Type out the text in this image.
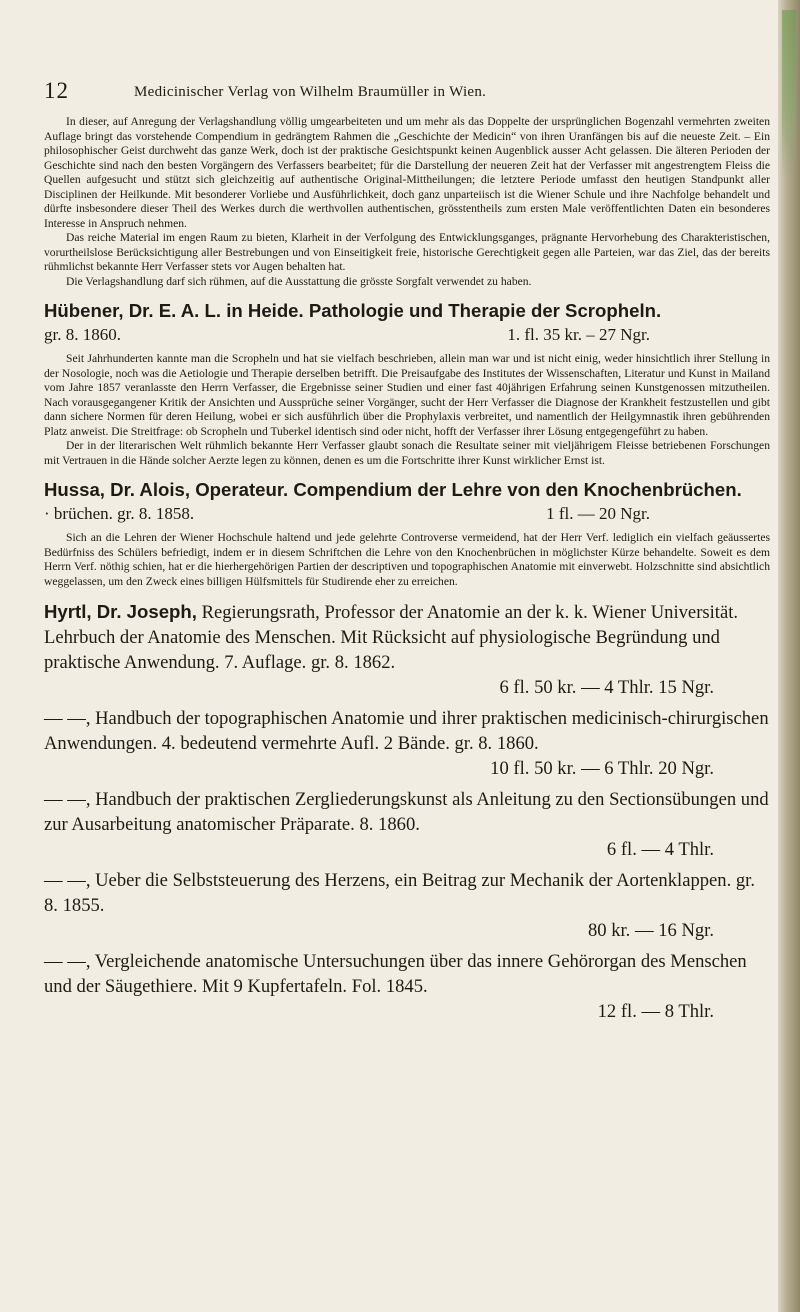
12	Medicinischer Verlag von Wilhelm Braumüller in Wien.

In dieser, auf Anregung der Verlagshandlung völlig umgearbeiteten und um mehr als das Doppelte der ursprünglichen Bogenzahl vermehrten zweiten Auflage bringt das vorstehende Compendium in gedrängtem Rahmen die „Geschichte der Medicin“ von ihren Uranfängen bis auf die neueste Zeit. – Ein philosophischer Geist durchweht das ganze Werk, doch ist der praktische Gesichtspunkt keinen Augenblick ausser Acht gelassen. Die älteren Perioden der Geschichte sind nach den besten Vorgängern des Verfassers bearbeitet; für die Darstellung der neueren Zeit hat der Verfasser mit angestrengtem Fleiss die Quellen aufgesucht und stützt sich gleichzeitig auf authentische Original-Mittheilungen; die letztere Periode umfasst den heutigen Standpunkt aller Disciplinen der Heilkunde. Mit besonderer Vorliebe und Ausführlichkeit, doch ganz unparteiisch ist die Wiener Schule und ihre Nachfolge behandelt und dürfte insbesondere dieser Theil des Werkes durch die werthvollen authentischen, grösstentheils zum ersten Male veröffentlichten Daten ein besonderes Interesse in Anspruch nehmen.

Das reiche Material im engen Raum zu bieten, Klarheit in der Verfolgung des Entwicklungsganges, prägnante Hervorhebung des Charakteristischen, vorurtheilslose Berücksichtigung aller Bestrebungen und von Einseitigkeit freie, historische Gerechtigkeit gegen alle Parteien, war das Ziel, das der bereits rühmlichst bekannte Herr Verfasser stets vor Augen behalten hat.

Die Verlagshandlung darf sich rühmen, auf die Ausstattung die grösste Sorgfalt verwendet zu haben.

Hübener, Dr. E. A. L. in Heide. Pathologie und Therapie der Scropheln.

gr. 8. 1860.	1. fl. 35 kr. – 27 Ngr.

Seit Jahrhunderten kannte man die Scropheln und hat sie vielfach beschrieben, allein man war und ist nicht einig, weder hinsichtlich ihrer Stellung in der Nosologie, noch was die Aetiologie und Therapie derselben betrifft. Die Preisaufgabe des Institutes der Wissenschaften, Literatur und Kunst in Mailand vom Jahre 1857 veranlasste den Herrn Verfasser, die Ergebnisse seiner Studien und einer fast 40jährigen Erfahrung seinen Kunstgenossen mitzutheilen. Nach vorausgegangener Kritik der Ansichten und Aussprüche seiner Vorgänger, sucht der Herr Verfasser die Diagnose der Krankheit festzustellen und gibt dann sichere Normen für deren Heilung, wobei er sich ausführlich über die Prophylaxis verbreitet, und namentlich der Heilgymnastik ihren gebührenden Platz anweist. Die Streitfrage: ob Scropheln und Tuberkel identisch sind oder nicht, hofft der Verfasser ihrer Lösung entgegengeführt zu haben.

Der in der literarischen Welt rühmlich bekannte Herr Verfasser glaubt sonach die Resultate seiner mit vieljährigem Fleisse betriebenen Forschungen mit Vertrauen in die Hände solcher Aerzte legen zu können, denen es um die Fortschritte ihrer Kunst wirklicher Ernst ist.

Hussa, Dr. Alois, Operateur. Compendium der Lehre von den Knochenbrüchen.

· brüchen. gr. 8. 1858.	1 fl. — 20 Ngr.

Sich an die Lehren der Wiener Hochschule haltend und jede gelehrte Controverse vermeidend, hat der Herr Verf. lediglich ein vielfach geäussertes Bedürfniss des Schülers befriedigt, indem er in diesem Schriftchen die Lehre von den Knochenbrüchen in möglichster Kürze behandelte. Soweit es dem Herrn Verf. nöthig schien, hat er die hierhergehörigen Partien der descriptiven und topographischen Anatomie mit einverwebt. Holzschnitte sind absichtlich weggelassen, um den Zweck eines billigen Hülfsmittels für Studirende eher zu erreichen.

Hyrtl, Dr. Joseph, Regierungsrath, Professor der Anatomie an der k. k. Wiener Universität. Lehrbuch der Anatomie des Menschen. Mit Rücksicht auf physiologische Begründung und praktische Anwendung. 7. Auflage. gr. 8. 1862.

6 fl. 50 kr. — 4 Thlr. 15 Ngr.

— —, Handbuch der topographischen Anatomie und ihrer praktischen medicinisch-chirurgischen Anwendungen. 4. bedeutend vermehrte Aufl. 2 Bände. gr. 8. 1860.

10 fl. 50 kr. — 6 Thlr. 20 Ngr.

— —, Handbuch der praktischen Zergliederungskunst als Anleitung zu den Sectionsübungen und zur Ausarbeitung anatomischer Präparate. 8. 1860.

6 fl. — 4 Thlr.

— —, Ueber die Selbststeuerung des Herzens, ein Beitrag zur Mechanik der Aortenklappen. gr. 8. 1855.

80 kr. — 16 Ngr.

— —, Vergleichende anatomische Untersuchungen über das innere Gehörorgan des Menschen und der Säugethiere. Mit 9 Kupfertafeln. Fol. 1845.

12 fl. — 8 Thlr.
